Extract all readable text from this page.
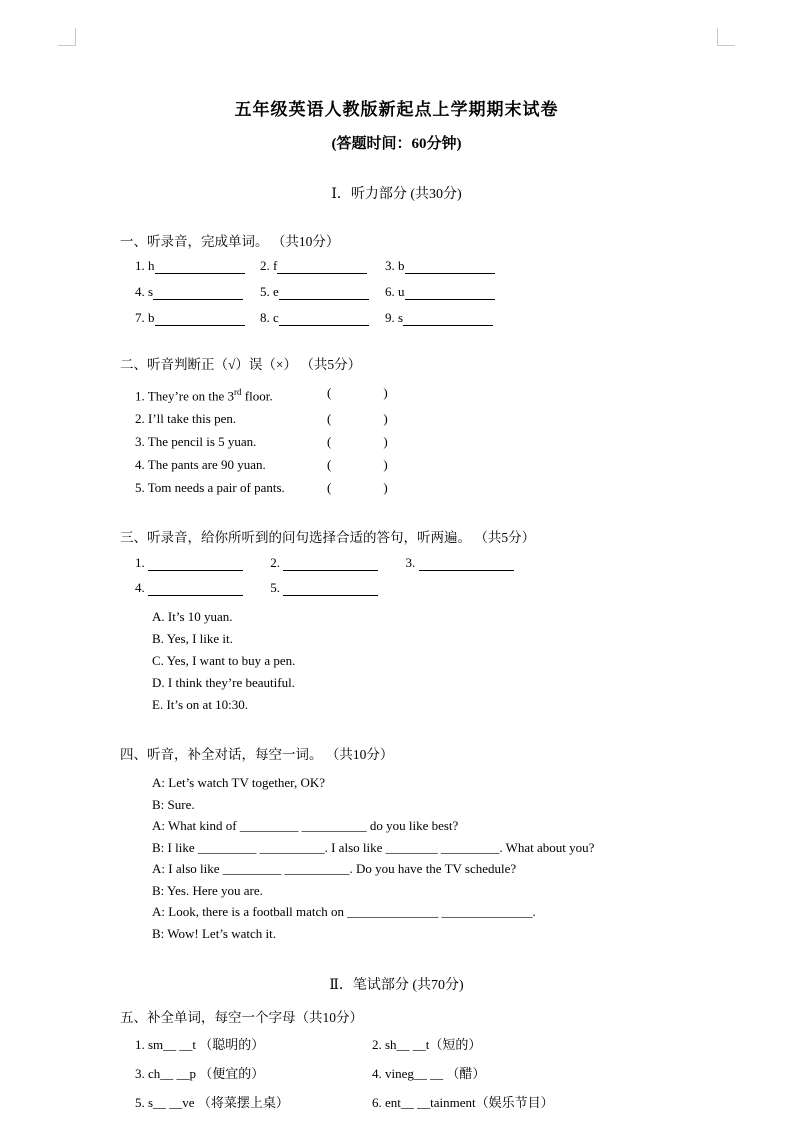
五年级英语人教版新起点上学期期末试卷
(答题时间：60分钟)
Ⅰ．听力部分 (共30分)
一、听录音，完成单词。 （共10分）
1. h	2. f	3. b
4. s	5. e	6. u
7. b	8. c	9. s
二、听音判断正（√）误（×） （共5分）
1. They’re on the 3rd floor.	(	)
2. I’ll take this pen.	(	)
3. The pencil is 5 yuan.	(	)
4. The pants are 90 yuan.	(	)
5. Tom needs a pair of pants.	(	)
三、听录音，给你所听到的问句选择合适的答句，听两遍。 （共5分）
1.	2.	3.
4.	5.
A. It’s 10 yuan.
B. Yes, I like it.
C. Yes, I want to buy a pen.
D. I think they’re beautiful.
E. It’s on at 10:30.
四、听音，补全对话，每空一词。 （共10分）
A: Let’s watch TV together, OK?
B: Sure.
A: What kind of _________ __________ do you like best?
B: I like _________ __________. I also like ________ _________. What about you?
A: I also like _________ __________. Do you have the TV schedule?
B: Yes. Here you are.
A: Look, there is a football match on ______________ ______________.
B: Wow! Let’s watch it.
Ⅱ．笔试部分 (共70分)
五、补全单词，每空一个字母（共10分）
1. sm__ __t （聪明的）	2. sh__ __t（短的）
3. ch__ __p （便宜的）	4. vineg__ __ （醋）
5. s__ __ve （将菜摆上桌）	6. ent__ __tainment（娱乐节目）
